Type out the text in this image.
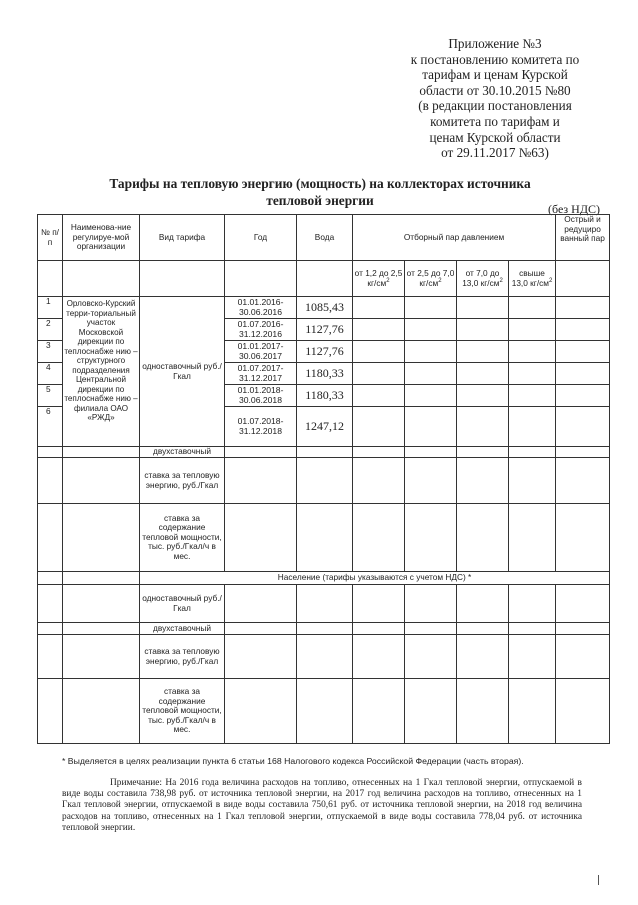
Приложение №3
к постановлению комитета по
тарифам и ценам Курской
области от 30.10.2015 №80
(в редакции постановления
комитета по тарифам и
ценам Курской области
от 29.11.2017 №63)
Тарифы на тепловую энергию (мощность) на коллекторах источника
тепловой энергии
(без НДС)
№ п/п	Наименова-ние регулируе-мой организации	Вид тарифа	Год	Вода	Отборный пар давлением				Острый и редуциро ванный пар
					от 1,2 до 2,5 $кг/см^2$	от 2,5 до 7,0 $кг/см^2$	от 7,0 до 13,0 $кг/см^2$	свыше 13,0 $кг/см^2$	
1	Орловско-Курский терри-ториальный участок Московской дирекции по теплоснабже нию – структурного подразделения Центральной дирекции по теплоснабже нию – филиала ОАО «РЖД»	одноставочный руб./Гкал	01.01.2016-30.06.2016	1085,43					
2			01.07.2016-31.12.2016	1127,76					
3			01.01.2017-30.06.2017	1127,76					
4			01.07.2017-31.12.2017	1180,33					
5			01.01.2018-30.06.2018	1180,33					
6			01.07.2018-31.12.2018	1247,12					
		двухставочный							
		ставка за тепловую энергию, руб./Гкал							
		ставка за содержание тепловой мощности, тыс. руб./Гкал/ч в мес.							
		Население (тарифы указываются с учетом НДС) *							
		одноставочный руб./Гкал							
		двухставочный							
		ставка за тепловую энергию, руб./Гкал							
		ставка за содержание тепловой мощности, тыс. руб./Гкал/ч в мес.							
* Выделяется в целях реализации пункта 6 статьи 168 Налогового кодекса Российской Федерации (часть вторая).
Примечание: На 2016 года величина расходов на топливо, отнесенных на 1 Гкал тепловой энергии, отпускаемой в виде воды составила 738,98 руб. от источника тепловой энергии, на 2017 год величина расходов на топливо, отнесенных на 1 Гкал тепловой энергии, отпускаемой в виде воды составила 750,61 руб. от источника тепловой энергии, на 2018 год величина расходов на топливо, отнесенных на 1 Гкал тепловой энергии, отпускаемой в виде воды составила 778,04 руб. от источника тепловой энергии.
